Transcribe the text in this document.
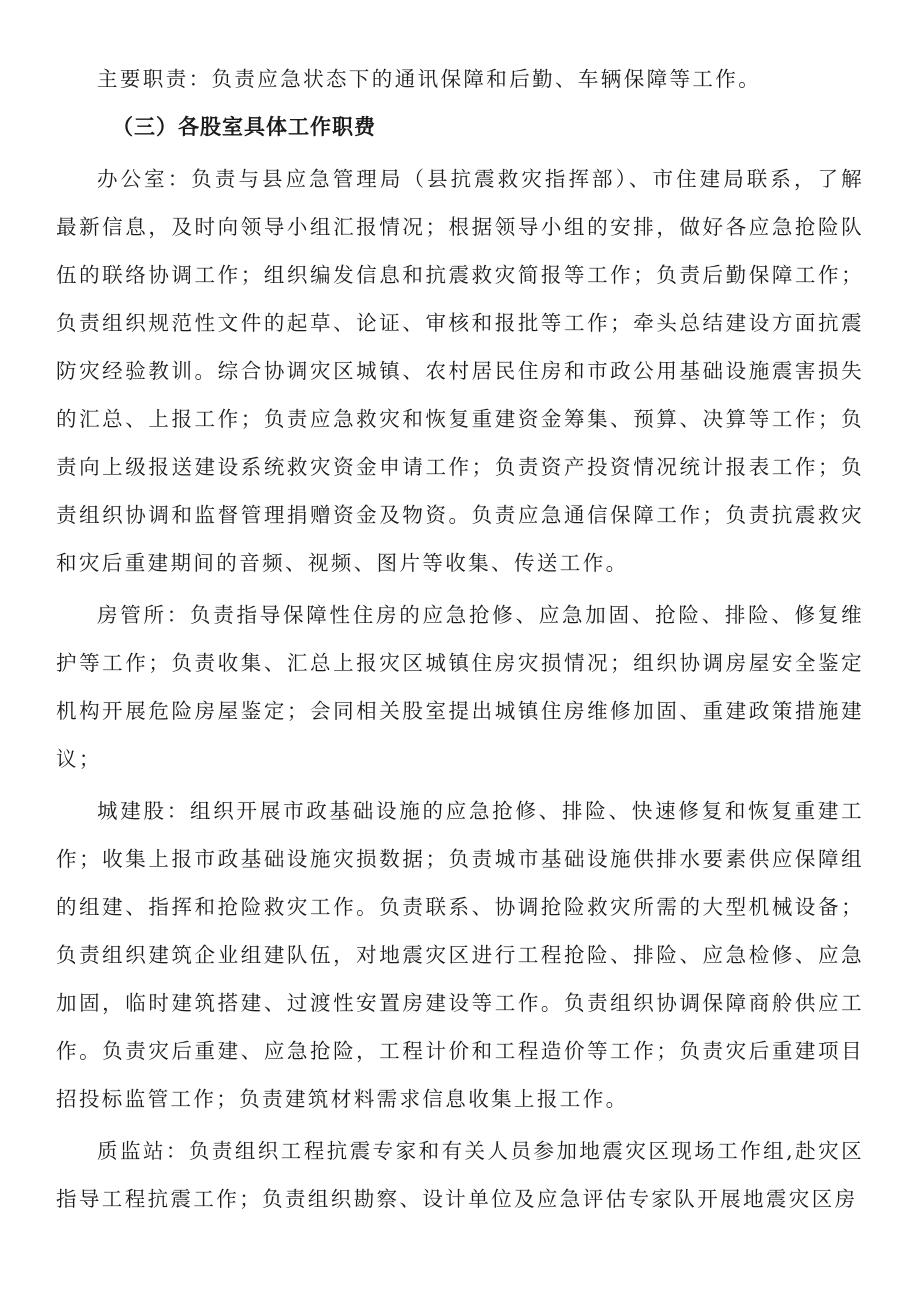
主要职责：负责应急状态下的通讯保障和后勤、车辆保障等工作。

（三）各股室具体工作职费

办公室：负责与县应急管理局（县抗震救灾指挥部）、市住建局联系，了解最新信息，及时向领导小组汇报情况；根据领导小组的安排，做好各应急抢险队伍的联络协调工作；组织编发信息和抗震救灾简报等工作；负责后勤保障工作；负责组织规范性文件的起草、论证、审核和报批等工作；牵头总结建设方面抗震防灾经验教训。综合协调灾区城镇、农村居民住房和市政公用基础设施震害损失的汇总、上报工作；负责应急救灾和恢复重建资金筹集、预算、决算等工作；负责向上级报送建设系统救灾资金申请工作；负责资产投资情况统计报表工作；负责组织协调和监督管理捐赠资金及物资。负责应急通信保障工作；负责抗震救灾和灾后重建期间的音频、视频、图片等收集、传送工作。

房管所：负责指导保障性住房的应急抢修、应急加固、抢险、排险、修复维护等工作；负责收集、汇总上报灾区城镇住房灾损情况；组织协调房屋安全鉴定机构开展危险房屋鉴定；会同相关股室提出城镇住房维修加固、重建政策措施建议；

城建股：组织开展市政基础设施的应急抢修、排险、快速修复和恢复重建工作；收集上报市政基础设施灾损数据；负责城市基础设施供排水要素供应保障组的组建、指挥和抢险救灾工作。负责联系、协调抢险救灾所需的大型机械设备；负责组织建筑企业组建队伍，对地震灾区进行工程抢险、排险、应急检修、应急加固，临时建筑搭建、过渡性安置房建设等工作。负责组织协调保障商舲供应工作。负责灾后重建、应急抢险，工程计价和工程造价等工作；负责灾后重建项目招投标监管工作；负责建筑材料需求信息收集上报工作。

质监站：负责组织工程抗震专家和有关人员参加地震灾区现场工作组,赴灾区指导工程抗震工作；负责组织勘察、设计单位及应急评估专家队开展地震灾区房
